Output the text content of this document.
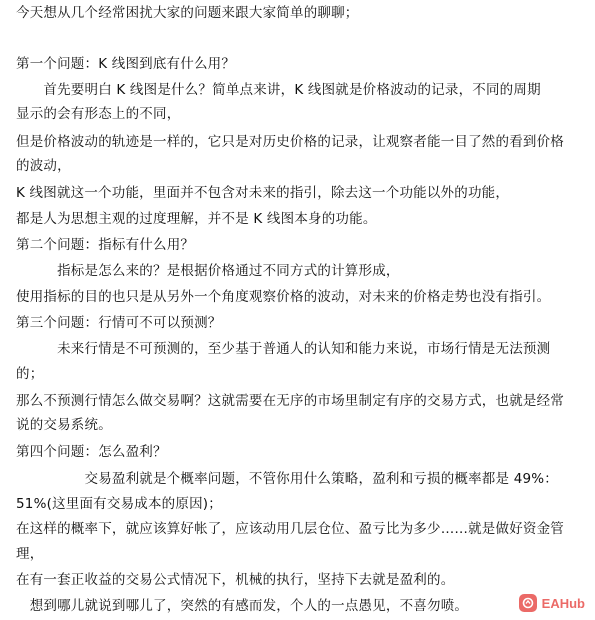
今天想从几个经常困扰大家的问题来跟大家简单的聊聊；
第一个问题：K 线图到底有什么用？
　　首先要明白 K 线图是什么？简单点来讲，K 线图就是价格波动的记录，不同的周期
显示的会有形态上的不同，
但是价格波动的轨迹是一样的，它只是对历史价格的记录，让观察者能一目了然的看到价格
的波动，
K 线图就这一个功能，里面并不包含对未来的指引，除去这一个功能以外的功能，
都是人为思想主观的过度理解，并不是 K 线图本身的功能。
第二个问题：指标有什么用？
　　　指标是怎么来的？是根据价格通过不同方式的计算形成，
使用指标的目的也只是从另外一个角度观察价格的波动，对未来的价格走势也没有指引。
第三个问题：行情可不可以预测？
　　　未来行情是不可预测的，至少基于普通人的认知和能力来说，市场行情是无法预测
的；
那么不预测行情怎么做交易啊？这就需要在无序的市场里制定有序的交易方式，也就是经常
说的交易系统。
第四个问题：怎么盈利？
　　　　　交易盈利就是个概率问题，不管你用什么策略，盈利和亏损的概率都是 49%：
51%(这里面有交易成本的原因)；
在这样的概率下，就应该算好帐了，应该动用几层仓位、盈亏比为多少……就是做好资金管
理，
在有一套正收益的交易公式情况下，机械的执行，坚持下去就是盈利的。
　想到哪儿就说到哪儿了，突然的有感而发，个人的一点愚见，不喜勿喷。	EAHub
